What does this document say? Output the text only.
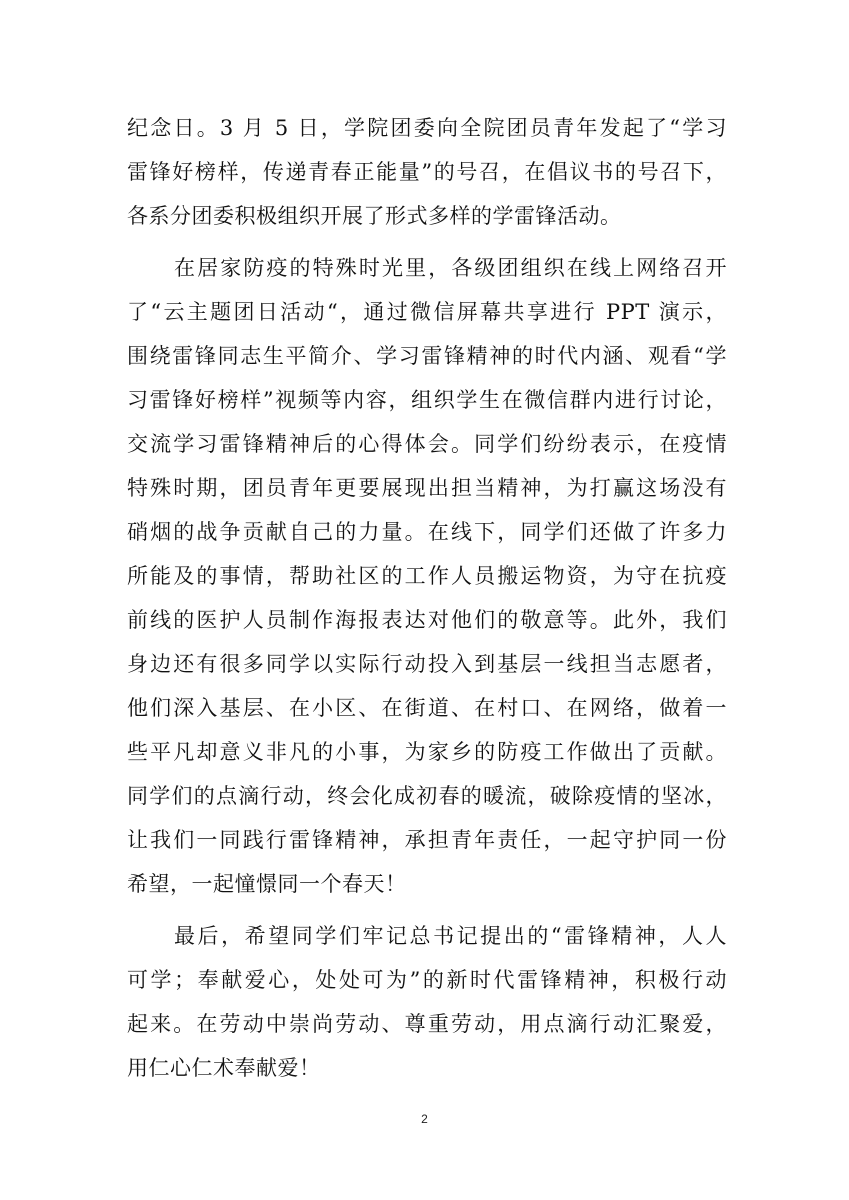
纪念日。3 月 5 日，学院团委向全院团员青年发起了“学习
雷锋好榜样，传递青春正能量”的号召，在倡议书的号召下，
各系分团委积极组织开展了形式多样的学雷锋活动。
在居家防疫的特殊时光里，各级团组织在线上网络召开
了“云主题团日活动“，通过微信屏幕共享进行 PPT 演示，
围绕雷锋同志生平简介、学习雷锋精神的时代内涵、观看“学
习雷锋好榜样”视频等内容，组织学生在微信群内进行讨论，
交流学习雷锋精神后的心得体会。同学们纷纷表示，在疫情
特殊时期，团员青年更要展现出担当精神，为打赢这场没有
硝烟的战争贡献自己的力量。在线下，同学们还做了许多力
所能及的事情，帮助社区的工作人员搬运物资，为守在抗疫
前线的医护人员制作海报表达对他们的敬意等。此外，我们
身边还有很多同学以实际行动投入到基层一线担当志愿者，
他们深入基层、在小区、在街道、在村口、在网络，做着一
些平凡却意义非凡的小事，为家乡的防疫工作做出了贡献。
同学们的点滴行动，终会化成初春的暖流，破除疫情的坚冰，
让我们一同践行雷锋精神，承担青年责任，一起守护同一份
希望，一起憧憬同一个春天！
最后，希望同学们牢记总书记提出的“雷锋精神，人人
可学；奉献爱心，处处可为”的新时代雷锋精神，积极行动
起来。在劳动中崇尚劳动、尊重劳动，用点滴行动汇聚爱，
用仁心仁术奉献爱！
2
